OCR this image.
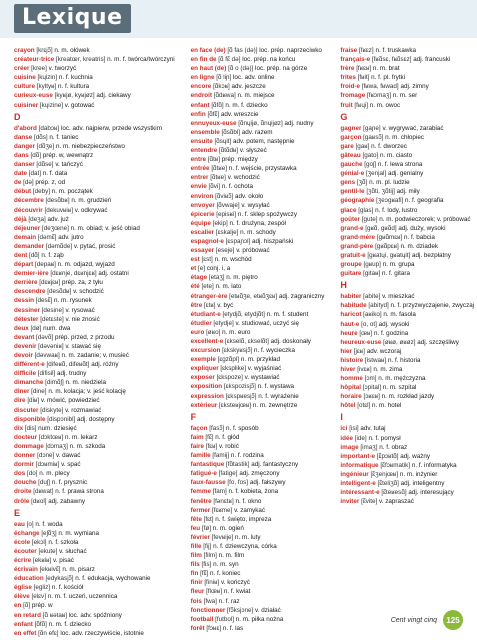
Lexique

crayon [krɛjɔ̃] n. m. ołówek

créateur-trice [kreatœr, kreatris] n. m. f. twórca/twórczyni

créer [kree] v. tworzyć

cuisine [kɥizin] n. f. kuchnia

culture [kyltyʁ] n. f. kultura

curieux-euse [kyʁjø, kyʁjøz] adj. ciekawy

cuisiner [kɥizine] v. gotować

D

d'abord [dabɔʁ] loc. adv. najpierw, przede wszystkim

danse [dɑ̃s] n. f. taniec

danger [dɑ̃ʒe] n. m. niebezpieczeństwo

dans [dɑ̃] prép. w, wewnątrz

danser [dɑ̃se] v. tańczyć

date [dat] n. f. data

de [də] prép. z, od

début [deby] n. m. początek

décembre [desɑ̃bʁ] n. m. grudzień

découvrir [dekuvʁiʁ] v. odkrywać

déjà [deʒa] adv. już

déjeuner [deʒœne] n. m. obiad; v. jeść obiad

demain [dəmɛ̃] adv. jutro

demander [dəmɑ̃de] v. pytać, prosić

dent [dɑ̃] n. f. ząb

départ [depaʁ] n. m. odjazd, wyjazd

dernier-ière [dɛʁnje, dɛʁnjɛʁ] adj. ostatni

derrière [dɛʁjɛʁ] prép. za, z tyłu

descendre [desɑ̃dʁ] v. schodzić

dessin [desɛ̃] n. m. rysunek

dessiner [desine] v. rysować

détester [detɛste] v. nie znosić

deux [dø] num. dwa

devant [dəvɑ̃] prép. przed, z przodu

devenir [dəvəniʁ] v. stawać się

devoir [dəvwaʁ] n. m. zadanie; v. musieć

différent-e [difeʁɑ̃, difeʁɑ̃t] adj. różny

difficile [difisil] adj. trudny

dimanche [dimɑ̃ʃ] n. m. niedziela

dîner [dine] n. m. kolacja; v. jeść kolację

dire [diʁ] v. mówić, powiedzieć

discuter [diskyte] v. rozmawiać

disponible [dispɔnibl] adj. dostępny

dix [dis] num. dziesięć

docteur [dɔktœʁ] n. m. lekarz

dommage [dɔmaʒ] n. m. szkoda

donner [dɔne] v. dawać

dormir [dɔʁmiʁ] v. spać

dos [do] n. m. plecy

douche [duʃ] n. f. prysznic

droite [dʁwat] n. f. prawa strona

drôle [dʁol] adj. zabawny

E

eau [o] n. f. woda

échange [eʃɑ̃ʒ] n. m. wymiana

école [ekɔl] n. f. szkoła

écouter [ekute] v. słuchać

écrire [ekʁiʁ] v. pisać

écrivain [ekʁivɛ̃] n. m. pisarz

éducation [edykasjɔ̃] n. f. edukacja, wychowanie

église [egliz] n. f. kościół

élève [elɛv] n. m. f. uczeń, uczennica

en [ɑ̃] prép. w

en retard [ɑ̃ ʁətaʁ] loc. adv. spóźniony

enfant [ɑ̃fɑ̃] n. m. f. dziecko

en effet [ɑ̃n efɛ] loc. adv. rzeczywiście, istotnie

en face (de) [ɑ̃ fas (də)] loc. prép. naprzeciwko

en fin de [ɑ̃ fɛ̃ də] loc. prép. na końcu

en haut (de) [ɑ̃ o (də)] loc. prép. na górze

en ligne [ɑ̃ liɲ] loc. adv. online

encore [ɑ̃kɔʁ] adv. jeszcze

endroit [ɑ̃dʁwa] n. m. miejsce

enfant [ɑ̃fɑ̃] n. m. f. dziecko

enfin [ɑ̃fɛ̃] adv. wreszcie

ennuyeux-euse [ɑ̃nɥijø, ɑ̃nɥijøz] adj. nudny

ensemble [ɑ̃sɑ̃bl] adv. razem

ensuite [ɑ̃sɥit] adv. potem, następnie

entendre [ɑ̃tɑ̃dʁ] v. słyszeć

entre [ɑ̃tʁ] prép. między

entrée [ɑ̃tʁe] n. f. wejście, przystawka

entrer [ɑ̃tʁe] v. wchodzić

envie [ɑ̃vi] n. f. ochota

environ [ɑ̃viʁɔ̃] adv. około

envoyer [ɑ̃vwaje] v. wysyłać

épicerie [episʁi] n. f. sklep spożywczy

équipe [ekip] n. f. drużyna, zespół

escalier [ɛskalje] n. m. schody

espagnol-e [ɛspaɲɔl] adj. hiszpański

essayer [eseje] v. próbować

est [ɛst] n. m. wschód

et [e] conj. i, a

étage [etaʒ] n. m. piętro

été [ete] n. m. lato

étranger-ère [etʁɑ̃ʒe, etʁɑ̃ʒɛʁ] adj. zagraniczny

être [ɛtʁ] v. być

étudiant-e [etydjɑ̃, etydjɑ̃t] n. m. f. student

étudier [etydje] v. studiować, uczyć się

euro [øʁo] n. m. euro

excellent-e [ɛkselɑ̃, ɛkselɑ̃t] adj. doskonały

excursion [ɛkskyʁsjɔ̃] n. f. wycieczka

exemple [ɛgzɑ̃pl] n. m. przykład

expliquer [ɛksplike] v. wyjaśniać

exposer [ɛkspoze] v. wystawiać

exposition [ɛkspozisjɔ̃] n. f. wystawa

expression [ɛkspʁesjɔ̃] n. f. wyrażenie

extérieur [ɛksteʁjœʁ] n. m. zewnętrze

F

façon [fasɔ̃] n. f. sposób

faim [fɛ̃] n. f. głód

faire [fɛʁ] v. robić

famille [famij] n. f. rodzina

fantastique [fɑ̃tastik] adj. fantastyczny

fatigué-e [fatige] adj. zmęczony

faux-fausse [fo, fos] adj. fałszywy

femme [fam] n. f. kobieta, żona

fenêtre [fənɛtʁ] n. f. okno

fermer [fɛʁme] v. zamykać

fête [fɛt] n. f. święto, impreza

feu [fø] n. m. ogień

février [fevʁije] n. m. luty

fille [fij] n. f. dziewczyna, córka

film [film] n. m. film

fils [fis] n. m. syn

fin [fɛ̃] n. f. koniec

finir [finiʁ] v. kończyć

fleur [flœʁ] n. f. kwiat

fois [fwa] n. f. raz

fonctionner [fɔ̃ksjɔne] v. działać

football [futbol] n. m. piłka nożna

forêt [fɔʁɛ] n. f. las

fraise [fʁɛz] n. f. truskawka

français-e [fʁɑ̃sɛ, fʁɑ̃sɛz] adj. francuski

frère [fʁɛʁ] n. m. brat

frites [fʁit] n. f. pl. frytki

froid-e [fʁwa, fʁwad] adj. zimny

fromage [fʁɔmaʒ] n. m. ser

fruit [fʁɥi] n. m. owoc

G

gagner [gaɲe] v. wygrywać, zarabiać

garçon [gaʁsɔ̃] n. m. chłopiec

gare [gaʁ] n. f. dworzec

gâteau [gato] n. m. ciasto

gauche [goʃ] n. f. lewa strona

génial-e [ʒenjal] adj. genialny

gens [ʒɑ̃] n. m. pl. ludzie

gentil-le [ʒɑ̃ti, ʒɑ̃tij] adj. miły

géographie [ʒeɔgʁafi] n. f. geografia

glace [glas] n. f. lody, lustro

goûter [gute] n. m. podwieczorek; v. próbować

grand-e [gʁɑ̃, gʁɑ̃d] adj. duży, wysoki

grand-mère [gʁɑ̃mɛʁ] n. f. babcia

grand-père [gʁɑ̃pɛʁ] n. m. dziadek

gratuit-e [gʁatɥi, gʁatɥit] adj. bezpłatny

groupe [gʁup] n. m. grupa

guitare [gitaʁ] n. f. gitara

H

habiter [abite] v. mieszkać

habitude [abityd] n. f. przyzwyczajenie, zwyczaj

haricot [aʁiko] n. m. fasola

haut-e [o, ot] adj. wysoki

heure [œʁ] n. f. godzina

heureux-euse [øʁø, øʁøz] adj. szczęśliwy

hier [jɛʁ] adv. wczoraj

histoire [istwaʁ] n. f. historia

hiver [ivɛʁ] n. m. zima

homme [ɔm] n. m. mężczyzna

hôpital [ɔpital] n. m. szpital

horaire [ɔʁɛʁ] n. m. rozkład jazdy

hôtel [otɛl] n. m. hotel

I

ici [isi] adv. tutaj

idée [ide] n. f. pomysł

image [imaʒ] n. f. obraz

important-e [ɛ̃pɔʁtɑ̃] adj. ważny

informatique [ɛ̃fɔʁmatik] n. f. informatyka

ingénieur [ɛ̃ʒenjœʁ] n. m. inżynier

intelligent-e [ɛ̃teliʒɑ̃] adj. inteligentny

intéressant-e [ɛ̃teʁesɑ̃] adj. interesujący

inviter [ɛ̃vite] v. zapraszać

Cent vingt cinq	125
